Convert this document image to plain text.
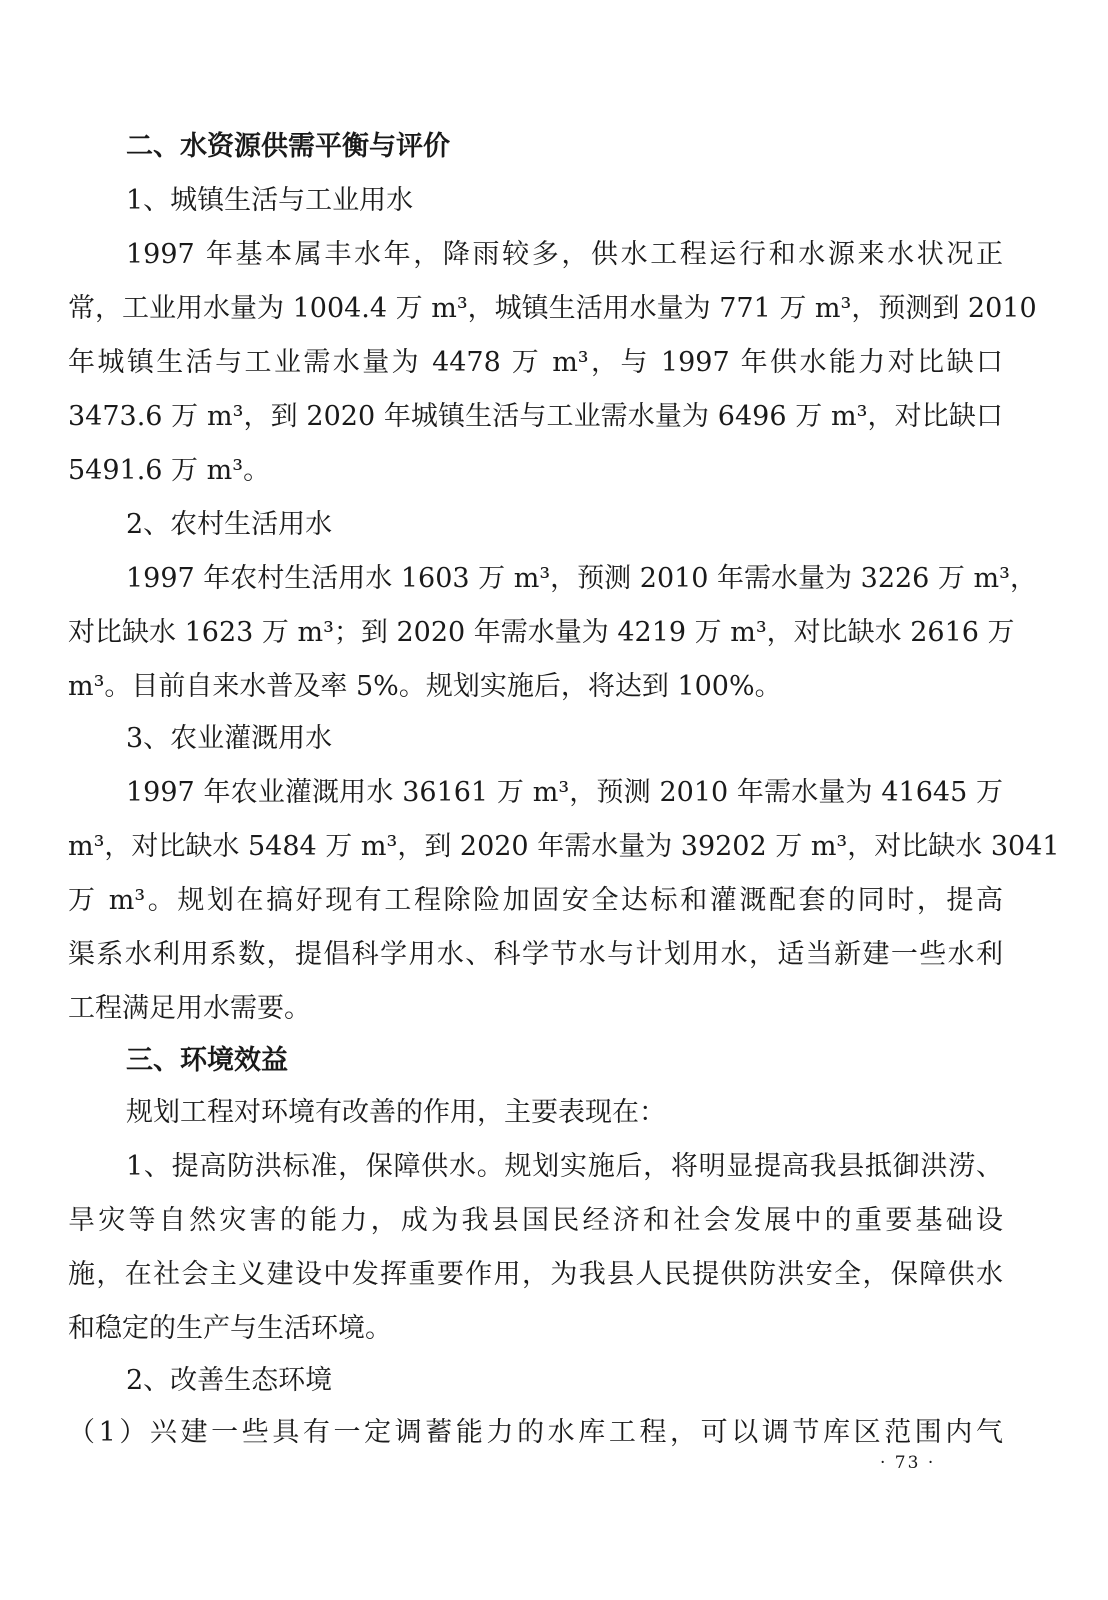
二、水资源供需平衡与评价

1、城镇生活与工业用水

1997 年基本属丰水年，降雨较多，供水工程运行和水源来水状况正

常，工业用水量为 1004.4 万 m³，城镇生活用水量为 771 万 m³，预测到 2010

年城镇生活与工业需水量为 4478 万 m³，与 1997 年供水能力对比缺口

3473.6 万 m³，到 2020 年城镇生活与工业需水量为 6496 万 m³，对比缺口

5491.6 万 m³。

2、农村生活用水

1997 年农村生活用水 1603 万 m³，预测 2010 年需水量为 3226 万 m³，

对比缺水 1623 万 m³；到 2020 年需水量为 4219 万 m³，对比缺水 2616 万

m³。目前自来水普及率 5%。规划实施后，将达到 100%。

3、农业灌溉用水

1997 年农业灌溉用水 36161 万 m³，预测 2010 年需水量为 41645 万

m³，对比缺水 5484 万 m³，到 2020 年需水量为 39202 万 m³，对比缺水 3041

万 m³。规划在搞好现有工程除险加固安全达标和灌溉配套的同时，提高

渠系水利用系数，提倡科学用水、科学节水与计划用水，适当新建一些水利

工程满足用水需要。

三、环境效益

规划工程对环境有改善的作用，主要表现在：

1、提高防洪标准，保障供水。规划实施后，将明显提高我县抵御洪涝、

旱灾等自然灾害的能力，成为我县国民经济和社会发展中的重要基础设

施，在社会主义建设中发挥重要作用，为我县人民提供防洪安全，保障供水

和稳定的生产与生活环境。

2、改善生态环境

（1）兴建一些具有一定调蓄能力的水库工程，可以调节库区范围内气

· 73 ·
